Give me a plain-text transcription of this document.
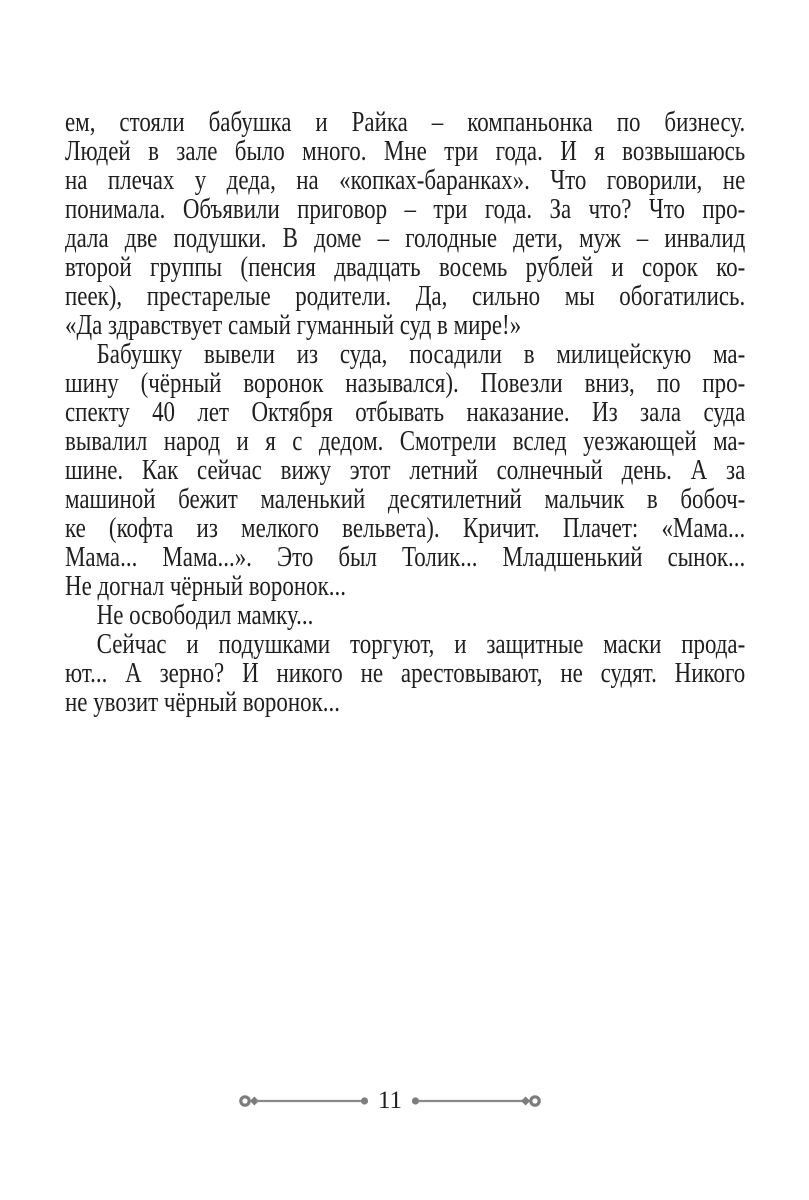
ем, стояли бабушка и Райка – компаньонка по бизнесу.
Людей в зале было много. Мне три года. И я возвышаюсь
на плечах у деда, на «копках-баранках». Что говорили, не
понимала. Объявили приговор – три года. За что? Что про-
дала две подушки. В доме – голодные дети, муж – инвалид
второй группы (пенсия двадцать восемь рублей и сорок ко-
пеек), престарелые родители. Да, сильно мы обогатились.
«Да здравствует самый гуманный суд в мире!»
Бабушку вывели из суда, посадили в милицейскую ма-
шину (чёрный воронок назывался). Повезли вниз, по про-
спекту 40 лет Октября отбывать наказание. Из зала суда
вывалил народ и я с дедом. Смотрели вслед уезжающей ма-
шине. Как сейчас вижу этот летний солнечный день. А за
машиной бежит маленький десятилетний мальчик в бобоч-
ке (кофта из мелкого вельвета). Кричит. Плачет: «Мама...
Мама... Мама...». Это был Толик... Младшенький сынок...
Не догнал чёрный воронок...
Не освободил мамку...
Сейчас и подушками торгуют, и защитные маски прода-
ют... А зерно? И никого не арестовывают, не судят. Никого
не увозит чёрный воронок...
11
